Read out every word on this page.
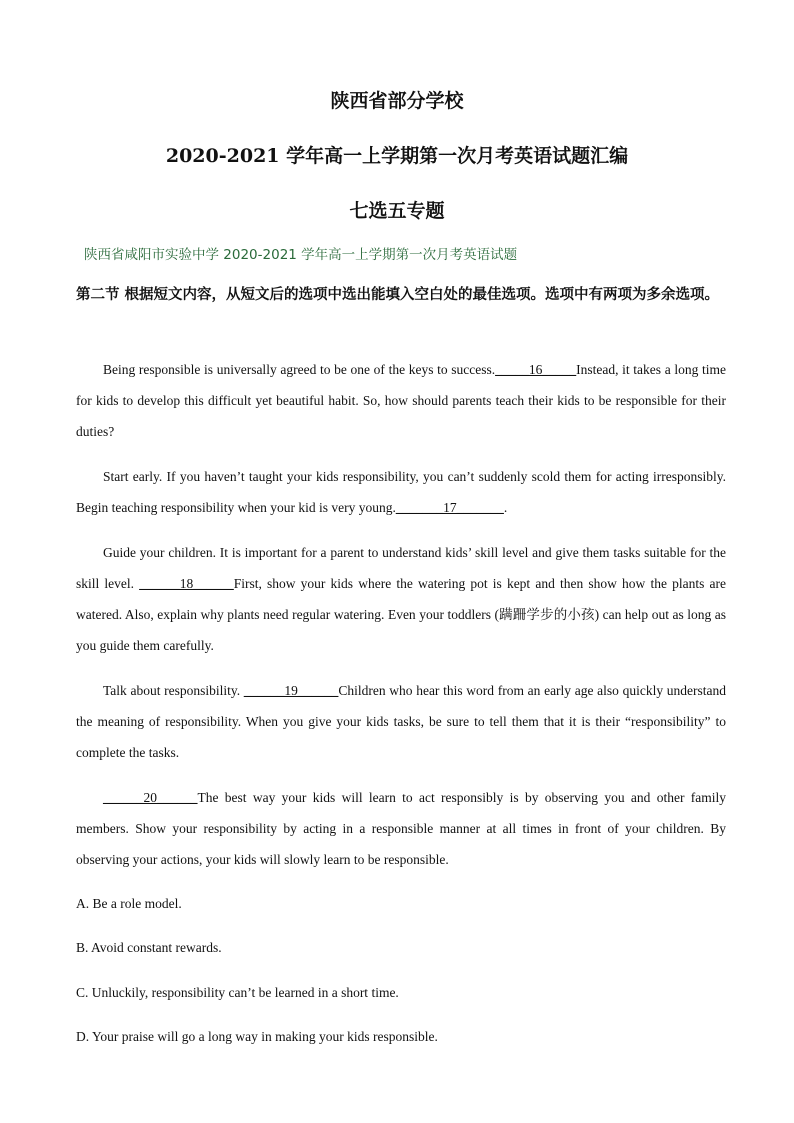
陕西省部分学校
2020-2021 学年高一上学期第一次月考英语试题汇编
七选五专题
陕西省咸阳市实验中学 2020-2021 学年高一上学期第一次月考英语试题
第二节 根据短文内容，从短文后的选项中选出能填入空白处的最佳选项。选项中有两项为多余选项。

Being responsible is universally agreed to be one of the keys to success._____16_____Instead, it takes a long time for kids to develop this difficult yet beautiful habit. So, how should parents teach their kids to be responsible for their duties?

Start early. If you haven’t taught your kids responsibility, you can’t suddenly scold them for acting irresponsibly. Begin teaching responsibility when your kid is very young._______17_______.

Guide your children. It is important for a parent to understand kids’ skill level and give them tasks suitable for the skill level. ______18______First, show your kids where the watering pot is kept and then show how the plants are watered. Also, explain why plants need regular watering. Even your toddlers (蹒跚学步的小孩) can help out as long as you guide them carefully.

Talk about responsibility. ______19______Children who hear this word from an early age also quickly understand the meaning of responsibility. When you give your kids tasks, be sure to tell them that it is their “responsibility” to complete the tasks.

______20______The best way your kids will learn to act responsibly is by observing you and other family members. Show your responsibility by acting in a responsible manner at all times in front of your children. By observing your actions, your kids will slowly learn to be responsible.

A. Be a role model.

B. Avoid constant rewards.

C. Unluckily, responsibility can’t be learned in a short time.

D. Your praise will go a long way in making your kids responsible.
